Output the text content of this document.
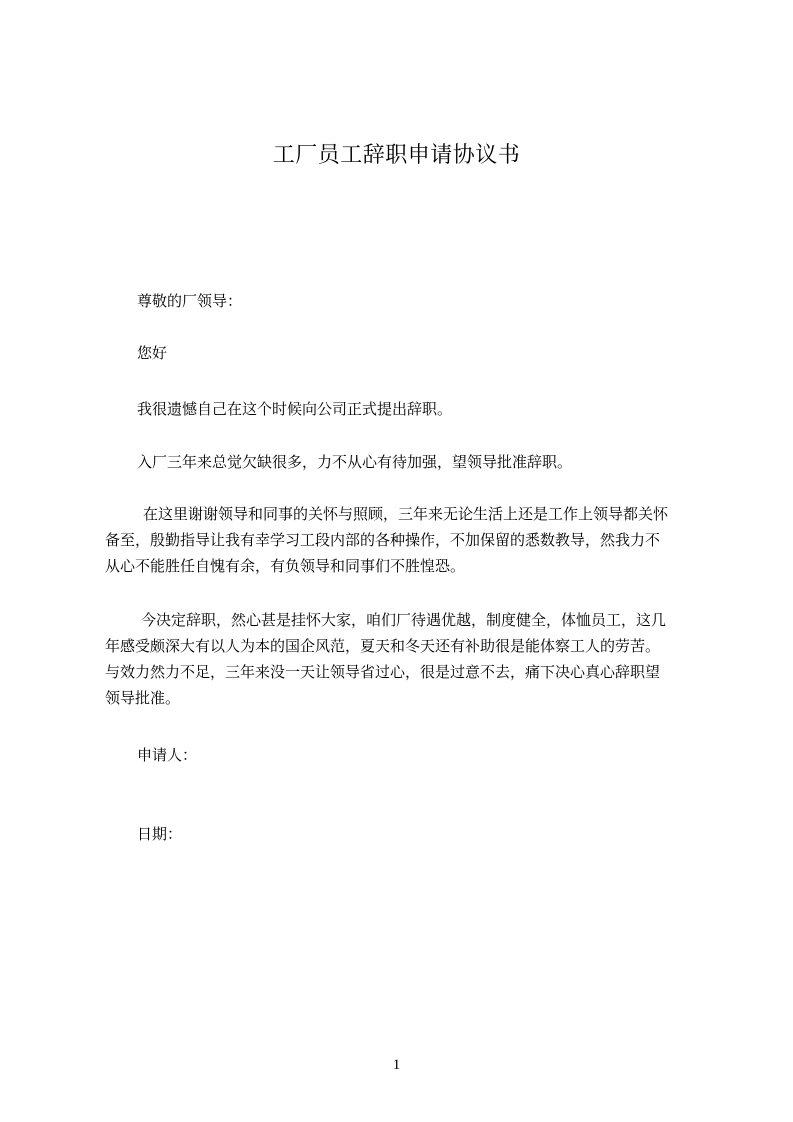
工厂员工辞职申请协议书
尊敬的厂领导：
您好
我很遗憾自己在这个时候向公司正式提出辞职。
入厂三年来总觉欠缺很多，力不从心有待加强，望领导批准辞职。
在这里谢谢领导和同事的关怀与照顾，三年来无论生活上还是工作上领导都关怀
备至，殷勤指导让我有幸学习工段内部的各种操作，不加保留的悉数教导，然我力不
从心不能胜任自愧有余，有负领导和同事们不胜惶恐。
今决定辞职，然心甚是挂怀大家，咱们厂待遇优越，制度健全，体恤员工，这几
年感受颇深大有以人为本的国企风范，夏天和冬天还有补助很是能体察工人的劳苦。
与效力然力不足，三年来没一天让领导省过心，很是过意不去，痛下决心真心辞职望
领导批准。
申请人：
日期：
1
